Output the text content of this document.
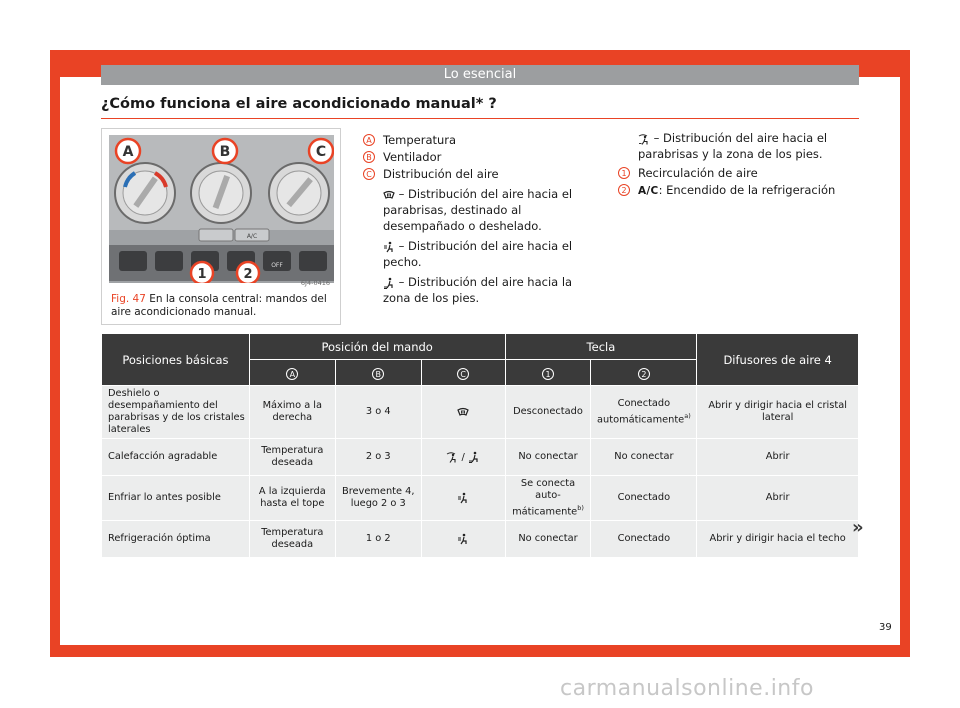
Lo esencial
¿Cómo funciona el aire acondicionado manual* ?
A	B	C
A/C
OFF
1	2
6J4-0416
Fig. 47 En la consola central: mandos del aire acondicionado manual.
A Temperatura
B Ventilador
C Distribución del aire
– Distribución del aire hacia el parabrisas, destinado al desempañado o deshelado.
– Distribución del aire hacia el pecho.
– Distribución del aire hacia la zona de los pies.
– Distribución del aire hacia el parabrisas y la zona de los pies.
1 Recirculación de aire
2	A/C: Encendido de la refrigeración
Posiciones básicas	Posición del mando			Tecla		Difusores de aire 4
	A	B	C	1	2	
Deshielo o desempañamiento del parabrisas y de los cristales laterales	Máximo a la derecha	3 o 4		Desconectado	Conectado automáticamente$^{a)}$	Abrir y dirigir hacia el cristal lateral
Calefacción agradable	Temperatura deseada	2 o 3	/	No conectar	No conectar	Abrir
Enfriar lo antes posible	A la izquierda hasta el tope	Brevemente 4, luego 2 o 3		Se conecta automáticamente$^{b)}$	Conectado	Abrir
Refrigeración óptima	Temperatura deseada	1 o 2		No conectar	Conectado	Abrir y dirigir hacia el techo
»
39
carmanualsonline.info
